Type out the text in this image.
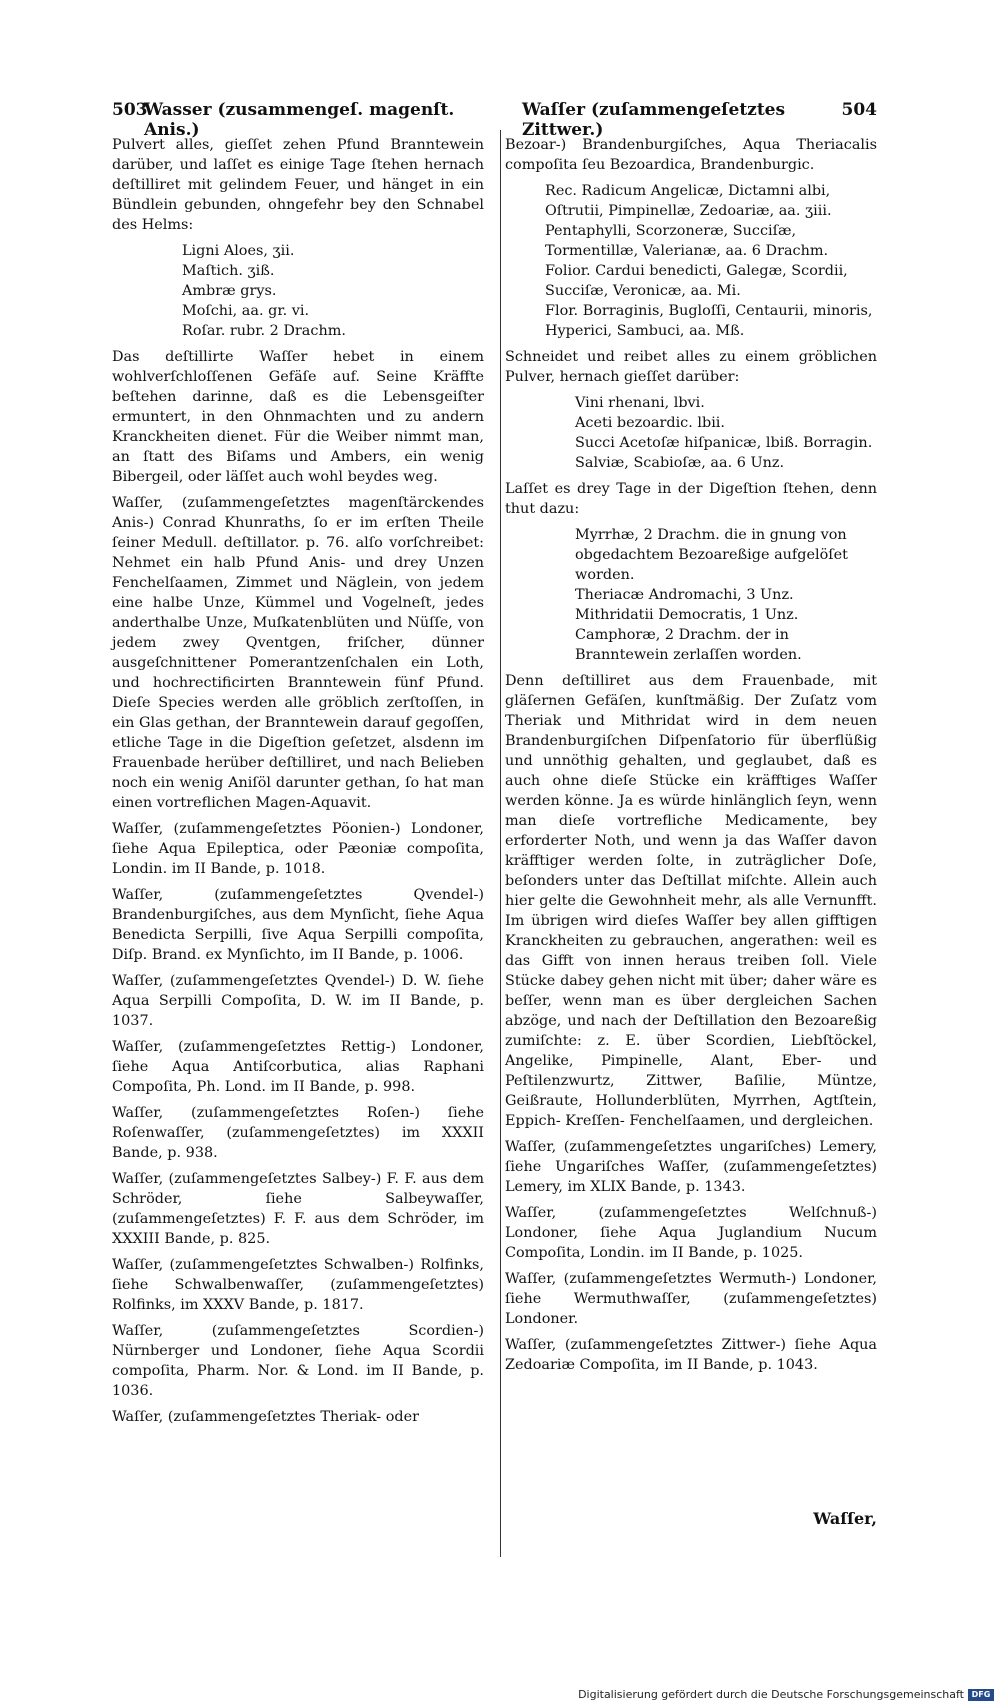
503
Wasser (zusammengeſ. magenſt. Anis.)
Waſſer (zuſammengeſetztes Zittwer.)
504

Pulvert alles, gieſſet zehen Pfund Branntewein darüber, und laſſet es einige Tage ſtehen hernach deſtilliret mit gelindem Feuer, und hänget in ein Bündlein gebunden, ohngefehr bey den Schnabel des Helms:

Ligni Aloes, ʒii.
Maſtich. ʒiß.
Ambræ grys.
Moſchi, aa. gr. vi.
Roſar. rubr. 2 Drachm.

Das deſtillirte Waſſer hebet in einem wohlverſchloſſenen Gefäſe auf. Seine Kräffte beſtehen darinne, daß es die Lebensgeiſter ermuntert, in den Ohnmachten und zu andern Kranckheiten dienet. Für die Weiber nimmt man, an ſtatt des Biſams und Ambers, ein wenig Bibergeil, oder läſſet auch wohl beydes weg.

Waſſer, (zuſammengeſetztes magenſtärckendes Anis-) Conrad Khunraths, ſo er im erſten Theile ſeiner Medull. deſtillator. p. 76. alſo vorſchreibet: Nehmet ein halb Pfund Anis- und drey Unzen Fenchelſaamen, Zimmet und Näglein, von jedem eine halbe Unze, Kümmel und Vogelneſt, jedes anderthalbe Unze, Muſkatenblüten und Nüſſe, von jedem zwey Qventgen, friſcher, dünner ausgeſchnittener Pomerantzenſchalen ein Loth, und hochrectificirten Branntewein fünf Pfund. Dieſe Species werden alle gröblich zerſtoſſen, in ein Glas gethan, der Branntewein darauf gegoſſen, etliche Tage in die Digeſtion geſetzet, alsdenn im Frauenbade herüber deſtilliret, und nach Belieben noch ein wenig Aniſöl darunter gethan, ſo hat man einen vortreflichen Magen-Aquavit.

Waſſer, (zuſammengeſetztes Pöonien-) Londoner, ſiehe Aqua Epileptica, oder Pæoniæ compoſita, Londin. im II Bande, p. 1018.

Waſſer, (zuſammengeſetztes Qvendel-) Brandenburgiſches, aus dem Mynſicht, ſiehe Aqua Benedicta Serpilli, ſive Aqua Serpilli compoſita, Diſp. Brand. ex Mynſichto, im II Bande, p. 1006.

Waſſer, (zuſammengeſetztes Qvendel-) D. W. ſiehe Aqua Serpilli Compoſita, D. W. im II Bande, p. 1037.

Waſſer, (zuſammengeſetztes Rettig-) Londoner, ſiehe Aqua Antiſcorbutica, alias Raphani Compoſita, Ph. Lond. im II Bande, p. 998.

Waſſer, (zuſammengeſetztes Roſen-) ſiehe Roſenwaſſer, (zuſammengeſetztes) im XXXII Bande, p. 938.

Waſſer, (zuſammengeſetztes Salbey-) F. F. aus dem Schröder, ſiehe Salbeywaſſer, (zuſammengeſetztes) F. F. aus dem Schröder, im XXXIII Bande, p. 825.

Waſſer, (zuſammengeſetztes Schwalben-) Rolfinks, ſiehe Schwalbenwaſſer, (zuſammengeſetztes) Rolfinks, im XXXV Bande, p. 1817.

Waſſer, (zuſammengeſetztes Scordien-) Nürnberger und Londoner, ſiehe Aqua Scordii compoſita, Pharm. Nor. & Lond. im II Bande, p. 1036.

Waſſer, (zuſammengeſetztes Theriak- oder

Bezoar-) Brandenburgiſches, Aqua Theriacalis compoſita ſeu Bezoardica, Brandenburgic.

Rec. Radicum Angelicæ, Dictamni albi, Oſtrutii, Pimpinellæ, Zedoariæ, aa. ʒiii.
Pentaphylli, Scorzoneræ, Succiſæ, Tormentillæ, Valerianæ, aa. 6 Drachm.
Folior. Cardui benedicti, Galegæ, Scordii, Succiſæ, Veronicæ, aa. Mi.
Flor. Borraginis, Bugloſſi, Centaurii, minoris, Hyperici, Sambuci, aa. Mß.

Schneidet und reibet alles zu einem gröblichen Pulver, hernach gieſſet darüber:

Vini rhenani, lbvi.
Aceti bezoardic. lbii.
Succi Acetoſæ hiſpanicæ, lbiß. Borragin. Salviæ, Scabioſæ, aa. 6 Unz.

Laſſet es drey Tage in der Digeſtion ſtehen, denn thut dazu:

Myrrhæ, 2 Drachm. die in gnung von obgedachtem Bezoareßige aufgelöſet worden.
Theriacæ Andromachi, 3 Unz.
Mithridatii Democratis, 1 Unz.
Camphoræ, 2 Drachm. der in Branntewein zerlaſſen worden.

Denn deſtilliret aus dem Frauenbade, mit gläſernen Gefäſen, kunſtmäßig. Der Zuſatz vom Theriak und Mithridat wird in dem neuen Brandenburgiſchen Diſpenſatorio für überflüßig und unnöthig gehalten, und geglaubet, daß es auch ohne dieſe Stücke ein kräfftiges Waſſer werden könne. Ja es würde hinlänglich ſeyn, wenn man dieſe vortrefliche Medicamente, bey erforderter Noth, und wenn ja das Waſſer davon kräfftiger werden ſolte, in zuträglicher Doſe, beſonders unter das Deſtillat miſchte. Allein auch hier gelte die Gewohnheit mehr, als alle Vernunfft. Im übrigen wird dieſes Waſſer bey allen gifftigen Kranckheiten zu gebrauchen, angerathen: weil es das Gifft von innen heraus treiben ſoll. Viele Stücke dabey gehen nicht mit über; daher wäre es beſſer, wenn man es über dergleichen Sachen abzöge, und nach der Deſtillation den Bezoareßig zumiſchte: z. E. über Scordien, Liebſtöckel, Angelike, Pimpinelle, Alant, Eber- und Peſtilenzwurtz, Zittwer, Baſilie, Müntze, Geißraute, Hollunderblüten, Myrrhen, Agtſtein, Eppich- Kreſſen- Fenchelſaamen, und dergleichen.

Waſſer, (zuſammengeſetztes ungariſches) Lemery, ſiehe Ungariſches Waſſer, (zuſammengeſetztes) Lemery, im XLIX Bande, p. 1343.

Waſſer, (zuſammengeſetztes Welſchnuß-) Londoner, ſiehe Aqua Juglandium Nucum Compoſita, Londin. im II Bande, p. 1025.

Waſſer, (zuſammengeſetztes Wermuth-) Londoner, ſiehe Wermuthwaſſer, (zuſammengeſetztes) Londoner.

Waſſer, (zuſammengeſetztes Zittwer-) ſiehe Aqua Zedoariæ Compoſita, im II Bande, p. 1043.

Waſſer,
Digitalisierung gefördert durch die Deutsche Forschungsgemeinschaft DFG
